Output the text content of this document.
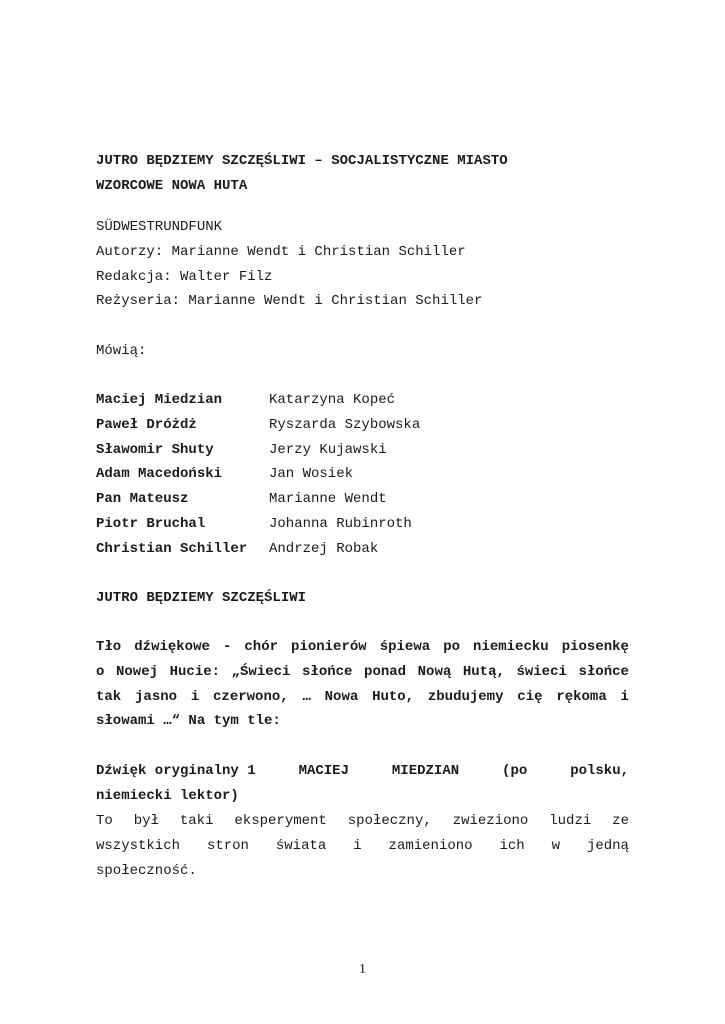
JUTRO BĘDZIEMY SZCZĘŚLIWI – SOCJALISTYCZNE MIASTO
WZORCOWE NOWA HUTA
SÜDWESTRUNDFUNK
Autorzy: Marianne Wendt i Christian Schiller
Redakcja: Walter Filz
Reżyseria: Marianne Wendt i Christian Schiller
Mówią:
Maciej Miedzian	Katarzyna Kopeć
Paweł Dróżdż	Ryszarda Szybowska
Sławomir Shuty	Jerzy Kujawski
Adam Macedoński	Jan Wosiek
Pan Mateusz	Marianne Wendt
Piotr Bruchal	Johanna Rubinroth
Christian Schiller	Andrzej Robak
JUTRO BĘDZIEMY SZCZĘŚLIWI
Tło dźwiękowe - chór pionierów śpiewa po niemiecku piosenkę
o Nowej Hucie: „Świeci słońce ponad Nową Hutą, świeci słońce
tak jasno i czerwono, … Nowa Huto, zbudujemy cię rękoma i
słowami …“ Na tym tle:
Dźwięk oryginalny 1	MACIEJ	MIEDZIAN	(po	polsku,
niemiecki lektor)
To był taki eksperyment społeczny, zwieziono ludzi ze
wszystkich stron świata i zamieniono ich w jedną
społeczność.
1
